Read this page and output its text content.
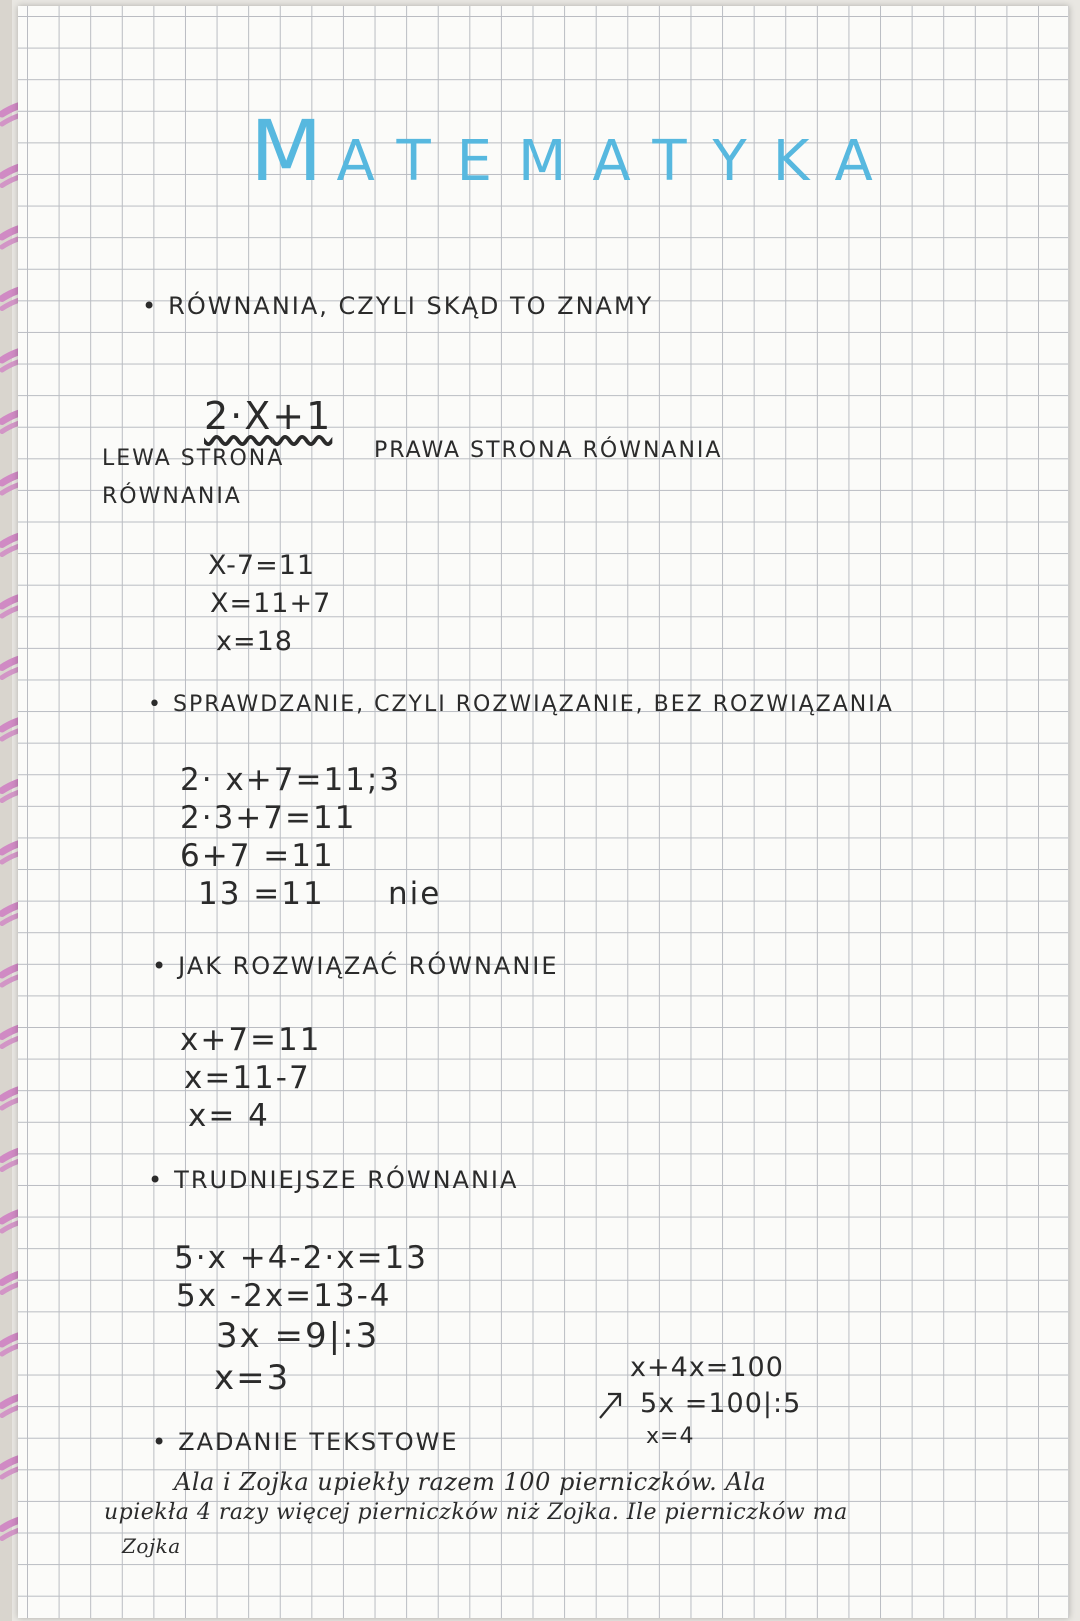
MATEMATYKA
• RÓWNANIA, CZYLI SKĄD TO ZNAMY
2·X+1
LEWA STRONA
RÓWNANIA
PRAWA STRONA RÓWNANIA
X-7=11
X=11+7
x=18
• SPRAWDZANIE, CZYLI ROZWIĄZANIE, BEZ ROZWIĄZANIA
2· x+7=11;3
2·3+7=11
6+7 =11
13 =11 nie
• JAK ROZWIĄZAĆ RÓWNANIE
x+7=11
x=11-7
x= 4
• TRUDNIEJSZE RÓWNANIA
5·x +4-2·x=13
5x -2x=13-4
3x =9|:3
x=3	x+4x=100
5x =100|:5
x=4
• ZADANIE TEKSTOWE
Ala i Zojka upiekły razem 100 pierniczków. Ala
upiekła 4 razy więcej pierniczków niż Zojka. Ile pierniczków ma
Zojka
